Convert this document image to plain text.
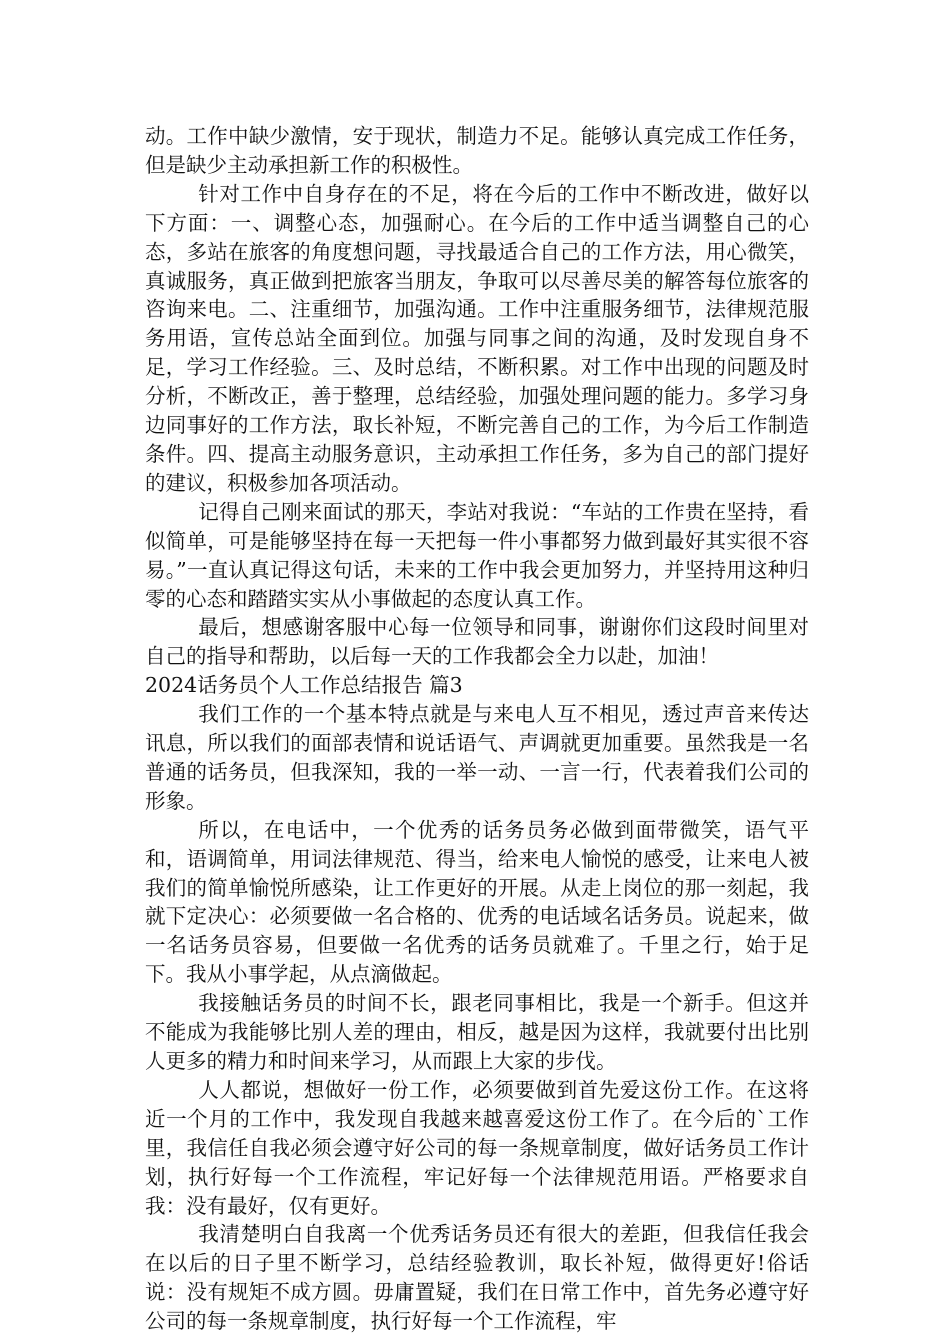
动。工作中缺少激情，安于现状，制造力不足。能够认真完成工作任务，但是缺少主动承担新工作的积极性。

针对工作中自身存在的不足，将在今后的工作中不断改进，做好以下方面：一、调整心态，加强耐心。在今后的工作中适当调整自己的心态，多站在旅客的角度想问题，寻找最适合自己的工作方法，用心微笑，真诚服务，真正做到把旅客当朋友，争取可以尽善尽美的解答每位旅客的咨询来电。二、注重细节，加强沟通。工作中注重服务细节，法律规范服务用语，宣传总站全面到位。加强与同事之间的沟通，及时发现自身不足，学习工作经验。三、及时总结，不断积累。对工作中出现的问题及时分析，不断改正，善于整理，总结经验，加强处理问题的能力。多学习身边同事好的工作方法，取长补短，不断完善自己的工作，为今后工作制造条件。四、提高主动服务意识，主动承担工作任务，多为自己的部门提好的建议，积极参加各项活动。

记得自己刚来面试的那天，李站对我说：“车站的工作贵在坚持，看似简单，可是能够坚持在每一天把每一件小事都努力做到最好其实很不容易。”一直认真记得这句话，未来的工作中我会更加努力，并坚持用这种归零的心态和踏踏实实从小事做起的态度认真工作。

最后，想感谢客服中心每一位领导和同事，谢谢你们这段时间里对自己的指导和帮助，以后每一天的工作我都会全力以赴，加油！

2024话务员个人工作总结报告 篇3

我们工作的一个基本特点就是与来电人互不相见，透过声音来传达讯息，所以我们的面部表情和说话语气、声调就更加重要。虽然我是一名普通的话务员，但我深知，我的一举一动、一言一行，代表着我们公司的形象。

所以，在电话中，一个优秀的话务员务必做到面带微笑，语气平和，语调简单，用词法律规范、得当，给来电人愉悦的感受，让来电人被我们的简单愉悦所感染，让工作更好的开展。从走上岗位的那一刻起，我就下定决心：必须要做一名合格的、优秀的电话域名话务员。说起来，做一名话务员容易，但要做一名优秀的话务员就难了。千里之行，始于足下。我从小事学起，从点滴做起。

我接触话务员的时间不长，跟老同事相比，我是一个新手。但这并不能成为我能够比别人差的理由，相反，越是因为这样，我就要付出比别人更多的精力和时间来学习，从而跟上大家的步伐。

人人都说，想做好一份工作，必须要做到首先爱这份工作。在这将近一个月的工作中，我发现自我越来越喜爱这份工作了。在今后的`工作里，我信任自我必须会遵守好公司的每一条规章制度，做好话务员工作计划，执行好每一个工作流程，牢记好每一个法律规范用语。严格要求自我：没有最好，仅有更好。

我清楚明白自我离一个优秀话务员还有很大的差距，但我信任我会在以后的日子里不断学习，总结经验教训，取长补短，做得更好!俗话说：没有规矩不成方圆。毋庸置疑，我们在日常工作中，首先务必遵守好公司的每一条规章制度，执行好每一个工作流程，牢
